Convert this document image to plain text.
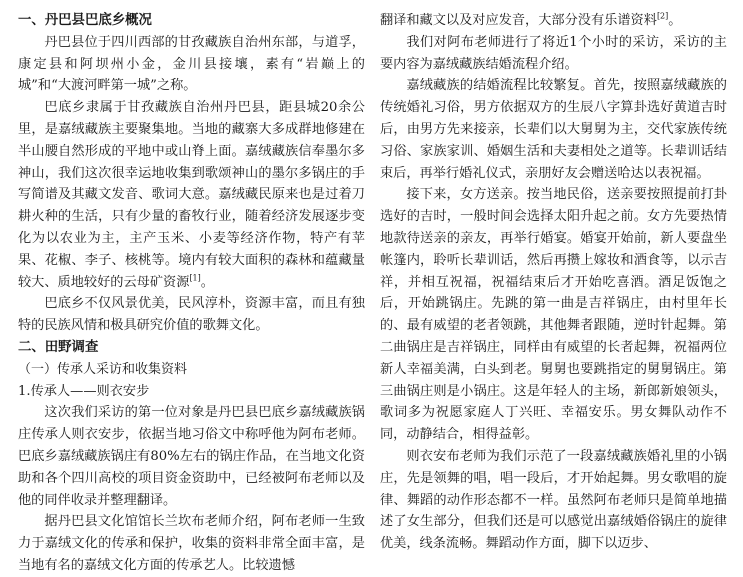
一、丹巴县巴底乡概况

丹巴县位于四川西部的甘孜藏族自治州东部，与道孚，康定县和阿坝州小金，金川县接壤，素有“岩巅上的城”和“大渡河畔第一城”之称。

巴底乡隶属于甘孜藏族自治州丹巴县，距县城20余公里，是嘉绒藏族主要聚集地。当地的藏寨大多成群地修建在半山腰自然形成的平地中或山脊上面。嘉绒藏族信奉墨尔多神山，我们这次很幸运地收集到歌颂神山的墨尔多锅庄的手写简谱及其藏文发音、歌词大意。嘉绒藏民原来也是过着刀耕火种的生活，只有少量的畜牧行业，随着经济发展逐步变化为以农业为主，主产玉米、小麦等经济作物，特产有苹果、花椒、李子、核桃等。境内有较大面积的森林和蕴藏量较大、质地较好的云母矿资源[1]。

巴底乡不仅风景优美，民风淳朴，资源丰富，而且有独特的民族风情和极具研究价值的歌舞文化。

二、田野调查
（一）传承人采访和收集资料
1.传承人——则衣安步

这次我们采访的第一位对象是丹巴县巴底乡嘉绒藏族锅庄传承人则衣安步，依据当地习俗文中称呼他为阿布老师。巴底乡嘉绒藏族锅庄有80%左右的锅庄作品，在当地文化资助和各个四川高校的项目资金资助中，已经被阿布老师以及他的同伴收录并整理翻译。

据丹巴县文化馆馆长兰坎布老师介绍，阿布老师一生致力于嘉绒文化的传承和保护，收集的资料非常全面丰富，是当地有名的嘉绒文化方面的传承艺人。比较遗憾

翻译和藏文以及对应发音，大部分没有乐谱资料[2]。

我们对阿布老师进行了将近1个小时的采访，采访的主要内容为嘉绒藏族结婚流程介绍。

嘉绒藏族的结婚流程比较繁复。首先，按照嘉绒藏族的传统婚礼习俗，男方依据双方的生辰八字算卦选好黄道吉时后，由男方先来接亲，长辈们以大舅舅为主，交代家族传统习俗、家族家训、婚姻生活和夫妻相处之道等。长辈训话结束后，再举行婚礼仪式，亲朋好友会赠送哈达以表祝福。

接下来，女方送亲。按当地民俗，送亲要按照提前打卦选好的吉时，一般时间会选择太阳升起之前。女方先要热情地款待送亲的亲友，再举行婚宴。婚宴开始前，新人要盘坐帐篷内，聆听长辈训话，然后再攒上嫁妆和酒食等，以示吉祥，并相互祝福，祝福结束后才开始吃喜酒。酒足饭饱之后，开始跳锅庄。先跳的第一曲是吉祥锅庄，由村里年长的、最有威望的老者领跳，其他舞者跟随，逆时针起舞。第二曲锅庄是吉祥锅庄，同样由有威望的长者起舞，祝福两位新人幸福美满，白头到老。舅舅也要跳指定的舅舅锅庄。第三曲锅庄则是小锅庄。这是年轻人的主场，新郎新娘领头，歌词多为祝愿家庭人丁兴旺、幸福安乐。男女舞队动作不同，动静结合，相得益彰。

则衣安布老师为我们示范了一段嘉绒藏族婚礼里的小锅庄，先是领舞的唱，唱一段后，才开始起舞。男女歌唱的旋律、舞蹈的动作形态都不一样。虽然阿布老师只是简单地描述了女生部分，但我们还是可以感觉出嘉绒婚俗锅庄的旋律优美，线条流畅。舞蹈动作方面，脚下以迈步、
